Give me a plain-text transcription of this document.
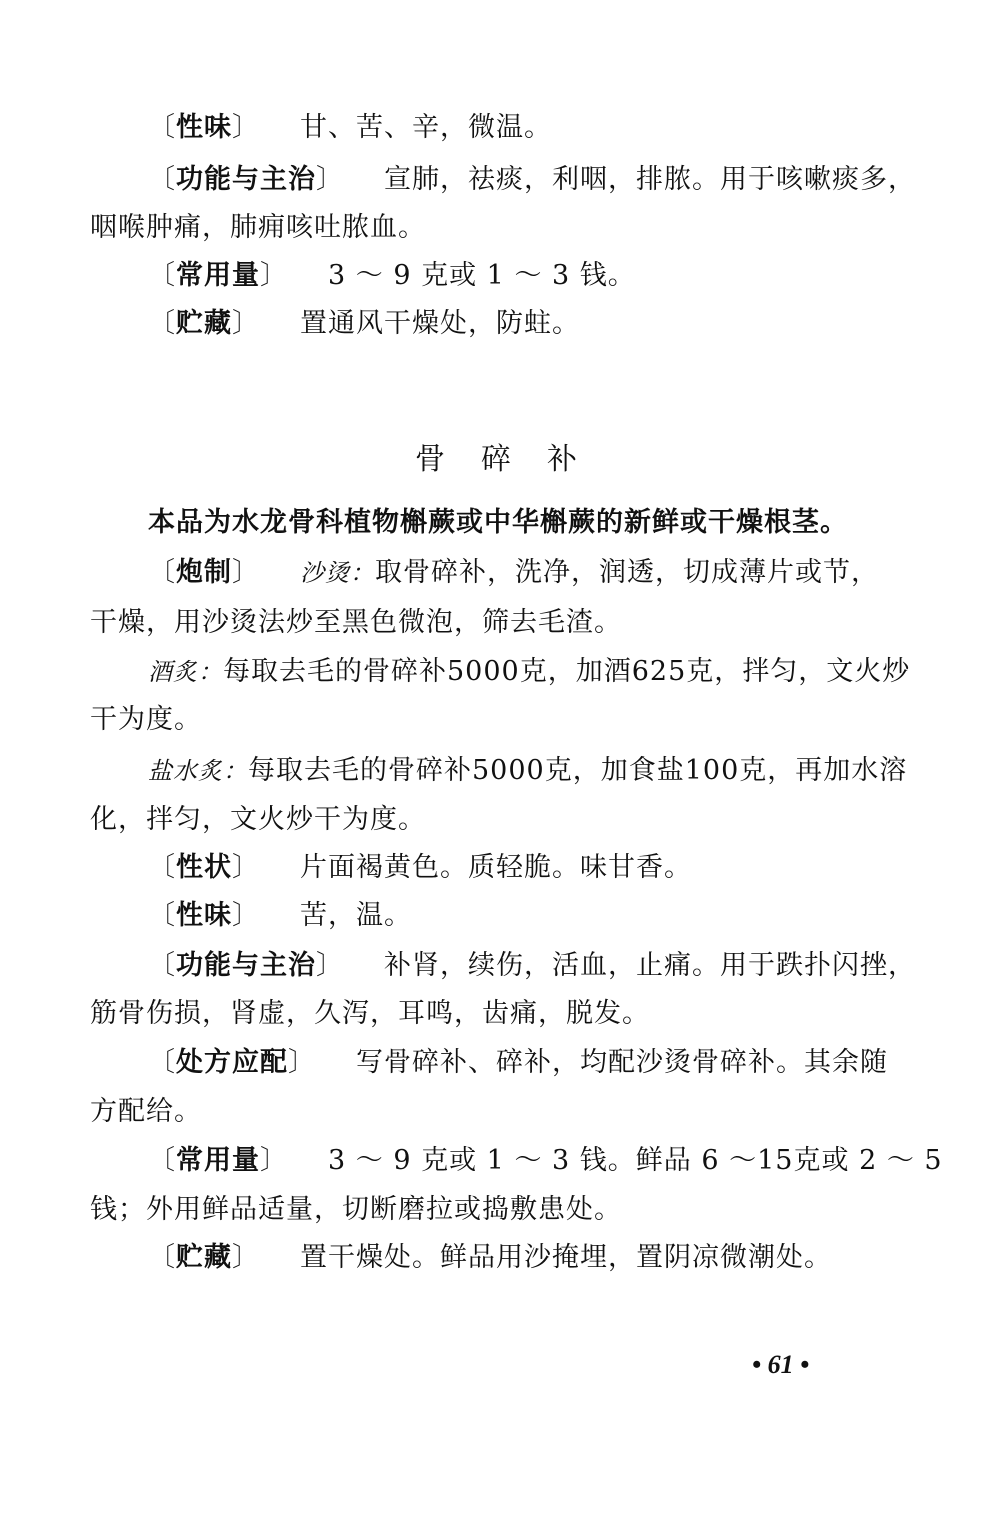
〔性味〕 甘、苦、辛，微温。
〔功能与主治〕 宣肺，祛痰，利咽，排脓。用于咳嗽痰多，
咽喉肿痛，肺痈咳吐脓血。
〔常用量〕 3 ～ 9 克或 1 ～ 3 钱。
〔贮藏〕 置通风干燥处，防蛀。
骨碎补
本品为水龙骨科植物槲蕨或中华槲蕨的新鲜或干燥根茎。
〔炮制〕 沙烫：取骨碎补，洗净，润透，切成薄片或节，
干燥，用沙烫法炒至黑色微泡，筛去毛渣。
酒炙：每取去毛的骨碎补5000克，加酒625克，拌匀，文火炒
干为度。
盐水炙：每取去毛的骨碎补5000克，加食盐100克，再加水溶
化，拌匀，文火炒干为度。
〔性状〕 片面褐黄色。质轻脆。味甘香。
〔性味〕 苦，温。
〔功能与主治〕 补肾，续伤，活血，止痛。用于跌扑闪挫，
筋骨伤损，肾虚，久泻，耳鸣，齿痛，脱发。
〔处方应配〕 写骨碎补、碎补，均配沙烫骨碎补。其余随
方配给。
〔常用量〕 3 ～ 9 克或 1 ～ 3 钱。鲜品 6 ～15克或 2 ～ 5
钱；外用鲜品适量，切断磨拉或捣敷患处。
〔贮藏〕 置干燥处。鲜品用沙掩埋，置阴凉微潮处。
• 61 •
